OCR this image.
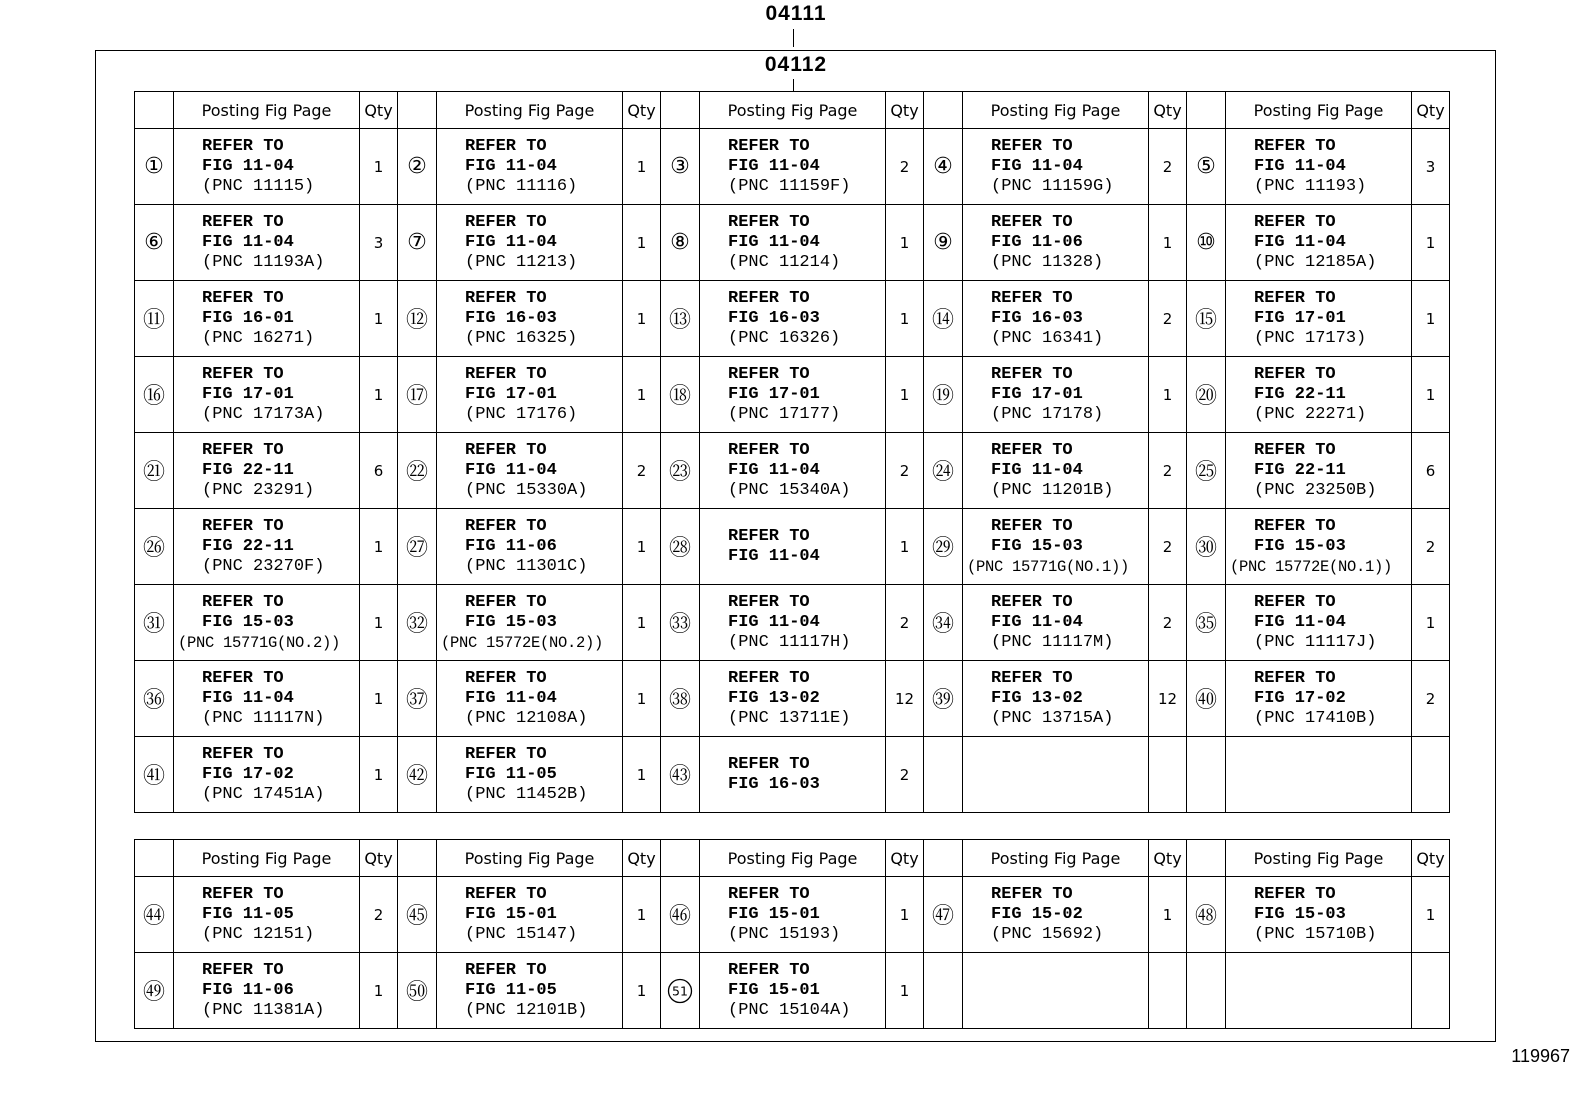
04111
04112
	Posting Fig Page	Qty		Posting Fig Page	Qty		Posting Fig Page	Qty		Posting Fig Page	Qty		Posting Fig Page	Qty
①	REFER TO
FIG 11-04
(PNC 11115)	1	②	REFER TO
FIG 11-04
(PNC 11116)	1	③	REFER TO
FIG 11-04
(PNC 11159F)	2	④	REFER TO
FIG 11-04
(PNC 11159G)	2	⑤	REFER TO
FIG 11-04
(PNC 11193)	3
⑥	REFER TO
FIG 11-04
(PNC 11193A)	3	⑦	REFER TO
FIG 11-04
(PNC 11213)	1	⑧	REFER TO
FIG 11-04
(PNC 11214)	1	⑨	REFER TO
FIG 11-06
(PNC 11328)	1	⑩	REFER TO
FIG 11-04
(PNC 12185A)	1
⑪	REFER TO
FIG 16-01
(PNC 16271)	1	⑫	REFER TO
FIG 16-03
(PNC 16325)	1	⑬	REFER TO
FIG 16-03
(PNC 16326)	1	⑭	REFER TO
FIG 16-03
(PNC 16341)	2	⑮	REFER TO
FIG 17-01
(PNC 17173)	1
⑯	REFER TO
FIG 17-01
(PNC 17173A)	1	⑰	REFER TO
FIG 17-01
(PNC 17176)	1	⑱	REFER TO
FIG 17-01
(PNC 17177)	1	⑲	REFER TO
FIG 17-01
(PNC 17178)	1	⑳	REFER TO
FIG 22-11
(PNC 22271)	1
㉑	REFER TO
FIG 22-11
(PNC 23291)	6	㉒	REFER TO
FIG 11-04
(PNC 15330A)	2	㉓	REFER TO
FIG 11-04
(PNC 15340A)	2	㉔	REFER TO
FIG 11-04
(PNC 11201B)	2	㉕	REFER TO
FIG 22-11
(PNC 23250B)	6
㉖	REFER TO
FIG 22-11
(PNC 23270F)	1	㉗	REFER TO
FIG 11-06
(PNC 11301C)	1	㉘	REFER TO
FIG 11-04	1	㉙	REFER TO
FIG 15-03
(PNC 15771G(NO.1))	2	㉚	REFER TO
FIG 15-03
(PNC 15772E(NO.1))	2
㉛	REFER TO
FIG 15-03
(PNC 15771G(NO.2))	1	㉜	REFER TO
FIG 15-03
(PNC 15772E(NO.2))	1	㉝	REFER TO
FIG 11-04
(PNC 11117H)	2	㉞	REFER TO
FIG 11-04
(PNC 11117M)	2	㉟	REFER TO
FIG 11-04
(PNC 11117J)	1
㊱	REFER TO
FIG 11-04
(PNC 11117N)	1	㊲	REFER TO
FIG 11-04
(PNC 12108A)	1	㊳	REFER TO
FIG 13-02
(PNC 13711E)	12	㊴	REFER TO
FIG 13-02
(PNC 13715A)	12	㊵	REFER TO
FIG 17-02
(PNC 17410B)	2
㊶	REFER TO
FIG 17-02
(PNC 17451A)	1	㊷	REFER TO
FIG 11-05
(PNC 11452B)	1	㊸	REFER TO
FIG 16-03	2						
	Posting Fig Page	Qty		Posting Fig Page	Qty		Posting Fig Page	Qty		Posting Fig Page	Qty		Posting Fig Page	Qty
㊹	REFER TO
FIG 11-05
(PNC 12151)	2	㊺	REFER TO
FIG 15-01
(PNC 15147)	1	㊻	REFER TO
FIG 15-01
(PNC 15193)	1	㊼	REFER TO
FIG 15-02
(PNC 15692)	1	㊽	REFER TO
FIG 15-03
(PNC 15710B)	1
㊾	REFER TO
FIG 11-06
(PNC 11381A)	1	㊿	REFER TO
FIG 11-05
(PNC 12101B)	1	51	REFER TO
FIG 15-01
(PNC 15104A)	1						
119967
